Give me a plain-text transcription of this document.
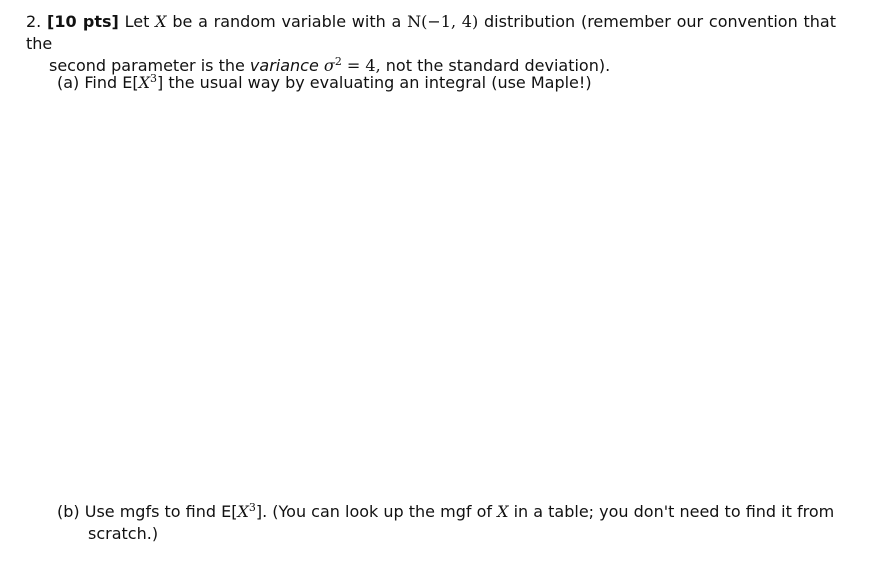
2. [10 pts] Let X be a random variable with a N(−1, 4) distribution (remember our convention that the
second parameter is the variance $\sigma^2 = 4$, not the standard deviation).
(a) Find $E[X^3]$ the usual way by evaluating an integral (use Maple!)
(b) Use mgfs to find $E[X^3]$. (You can look up the mgf of X in a table; you don't need to find it from
scratch.)
